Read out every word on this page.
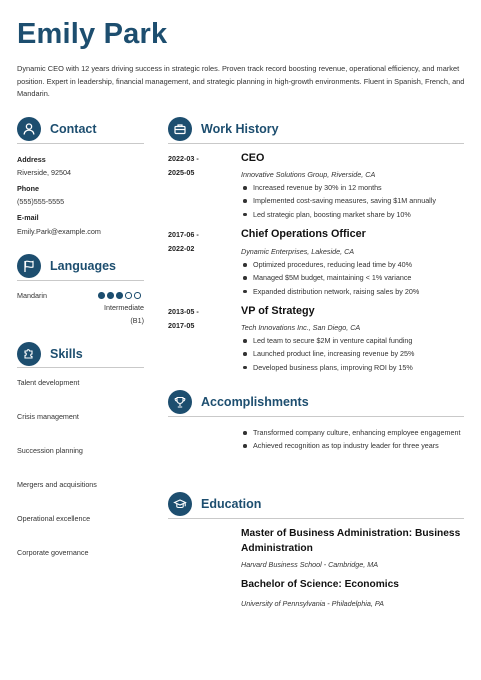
Emily Park
Dynamic CEO with 12 years driving success in strategic roles. Proven track record boosting revenue, operational efficiency, and market position. Expert in leadership, financial management, and strategic planning in high-growth environments. Fluent in Spanish, French, and Mandarin.
Contact
Address
Riverside, 92504
Phone
(555)555-5555
E-mail
Emily.Park@example.com
Languages
Mandarin
Intermediate
(B1)
Skills
Talent development
Crisis management
Succession planning
Mergers and acquisitions
Operational excellence
Corporate governance
Work History
2022-03 -
2025-05
CEO
Innovative Solutions Group, Riverside, CA
Increased revenue by 30% in 12 months
Implemented cost-saving measures, saving $1M annually
Led strategic plan, boosting market share by 10%
2017-06 -
2022-02
Chief Operations Officer
Dynamic Enterprises, Lakeside, CA
Optimized procedures, reducing lead time by 40%
Managed $5M budget, maintaining < 1% variance
Expanded distribution network, raising sales by 20%
2013-05 -
2017-05
VP of Strategy
Tech Innovations Inc., San Diego, CA
Led team to secure $2M in venture capital funding
Launched product line, increasing revenue by 25%
Developed business plans, improving ROI by 15%
Accomplishments
Transformed company culture, enhancing employee engagement
Achieved recognition as top industry leader for three years
Education
Master of Business Administration: Business Administration
Harvard Business School - Cambridge, MA
Bachelor of Science: Economics
University of Pennsylvania - Philadelphia, PA
